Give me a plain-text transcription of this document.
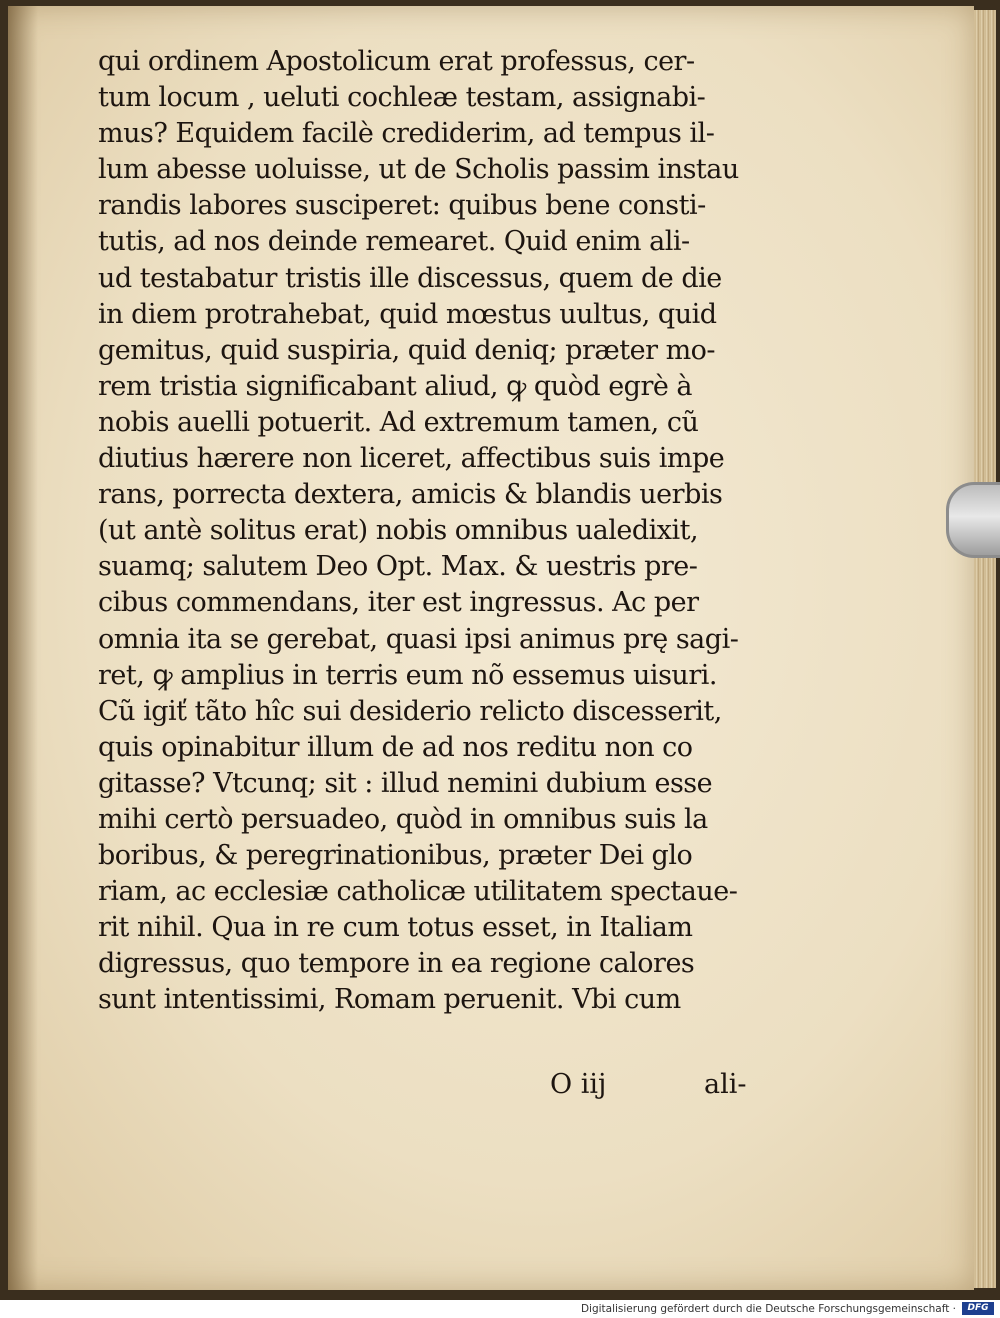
qui ordinem Apostolicum erat professus, cer-
tum locum , ueluti cochleæ testam, assignabi-
mus? Equidem facilè crediderim, ad tempus il-
lum abesse uoluisse, ut de Scholis passim instau
randis labores susciperet: quibus bene consti-
tutis, ad nos deinde remearet. Quid enim ali-
ud testabatur tristis ille discessus, quem de die
in diem protrahebat, quid mœstus uultus, quid
gemitus, quid suspiria, quid deniq; præter mo-
rem tristia significabant aliud, ꝙ quòd egrè à
nobis auelli potuerit. Ad extremum tamen, cũ
diutius hærere non liceret, affectibus suis impe
rans, porrecta dextera, amicis & blandis uerbis
(ut antè solitus erat) nobis omnibus ualedixit,
suamq; salutem Deo Opt. Max. & uestris pre-
cibus commendans, iter est ingressus. Ac per
omnia ita se gerebat, quasi ipsi animus prę sagi-
ret, ꝙ amplius in terris eum nõ essemus uisuri.
Cũ igiť tãto hîc sui desiderio relicto discesserit,
quis opinabitur illum de ad nos reditu non co
gitasse? Vtcunq; sit : illud nemini dubium esse
mihi certò persuadeo, quòd in omnibus suis la
boribus, & peregrinationibus, præter Dei glo
riam, ac ecclesiæ catholicæ utilitatem spectaue-
rit nihil. Qua in re cum totus esset, in Italiam
digressus, quo tempore in ea regione calores
sunt intentissimi, Romam peruenit. Vbi cum
O iij	ali-
Digitalisierung gefördert durch die Deutsche Forschungsgemeinschaft ·	DFG
